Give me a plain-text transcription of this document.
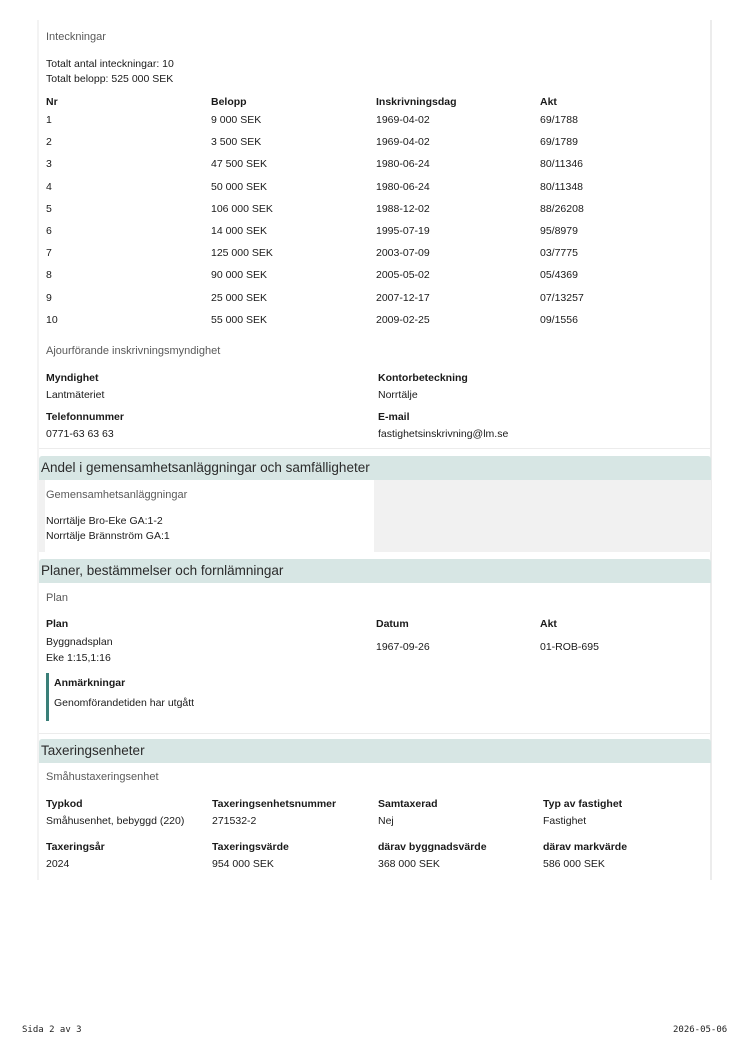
Inteckningar
Totalt antal inteckningar: 10
Totalt belopp: 525 000 SEK
Nr	Belopp	Inskrivningsdag	Akt
1	9 000 SEK	1969-04-02	69/1788
2	3 500 SEK	1969-04-02	69/1789
3	47 500 SEK	1980-06-24	80/11346
4	50 000 SEK	1980-06-24	80/11348
5	106 000 SEK	1988-12-02	88/26208
6	14 000 SEK	1995-07-19	95/8979
7	125 000 SEK	2003-07-09	03/7775
8	90 000 SEK	2005-05-02	05/4369
9	25 000 SEK	2007-12-17	07/13257
10	55 000 SEK	2009-02-25	09/1556
Ajourförande inskrivningsmyndighet
Myndighet
Lantmäteriet
Kontorbeteckning
Norrtälje
Telefonnummer
0771-63 63 63
E-mail
fastighetsinskrivning@lm.se
Andel i gemensamhetsanläggningar och samfälligheter
Gemensamhetsanläggningar
Norrtälje Bro-Eke GA:1-2
Norrtälje Brännström GA:1
Planer, bestämmelser och fornlämningar
Plan
Plan	Datum	Akt
Byggnadsplan
Eke 1:15,1:16
1967-09-26	01-ROB-695
Anmärkningar
Genomförandetiden har utgått
Taxeringsenheter
Småhustaxeringsenhet
Typkod	Taxeringsenhetsnummer	Samtaxerad	Typ av fastighet
Småhusenhet, bebyggd (220)	271532-2	Nej	Fastighet
Taxeringsår	Taxeringsvärde	därav byggnadsvärde	därav markvärde
2024	954 000 SEK	368 000 SEK	586 000 SEK
Sida 2 av 3	2026-05-06
